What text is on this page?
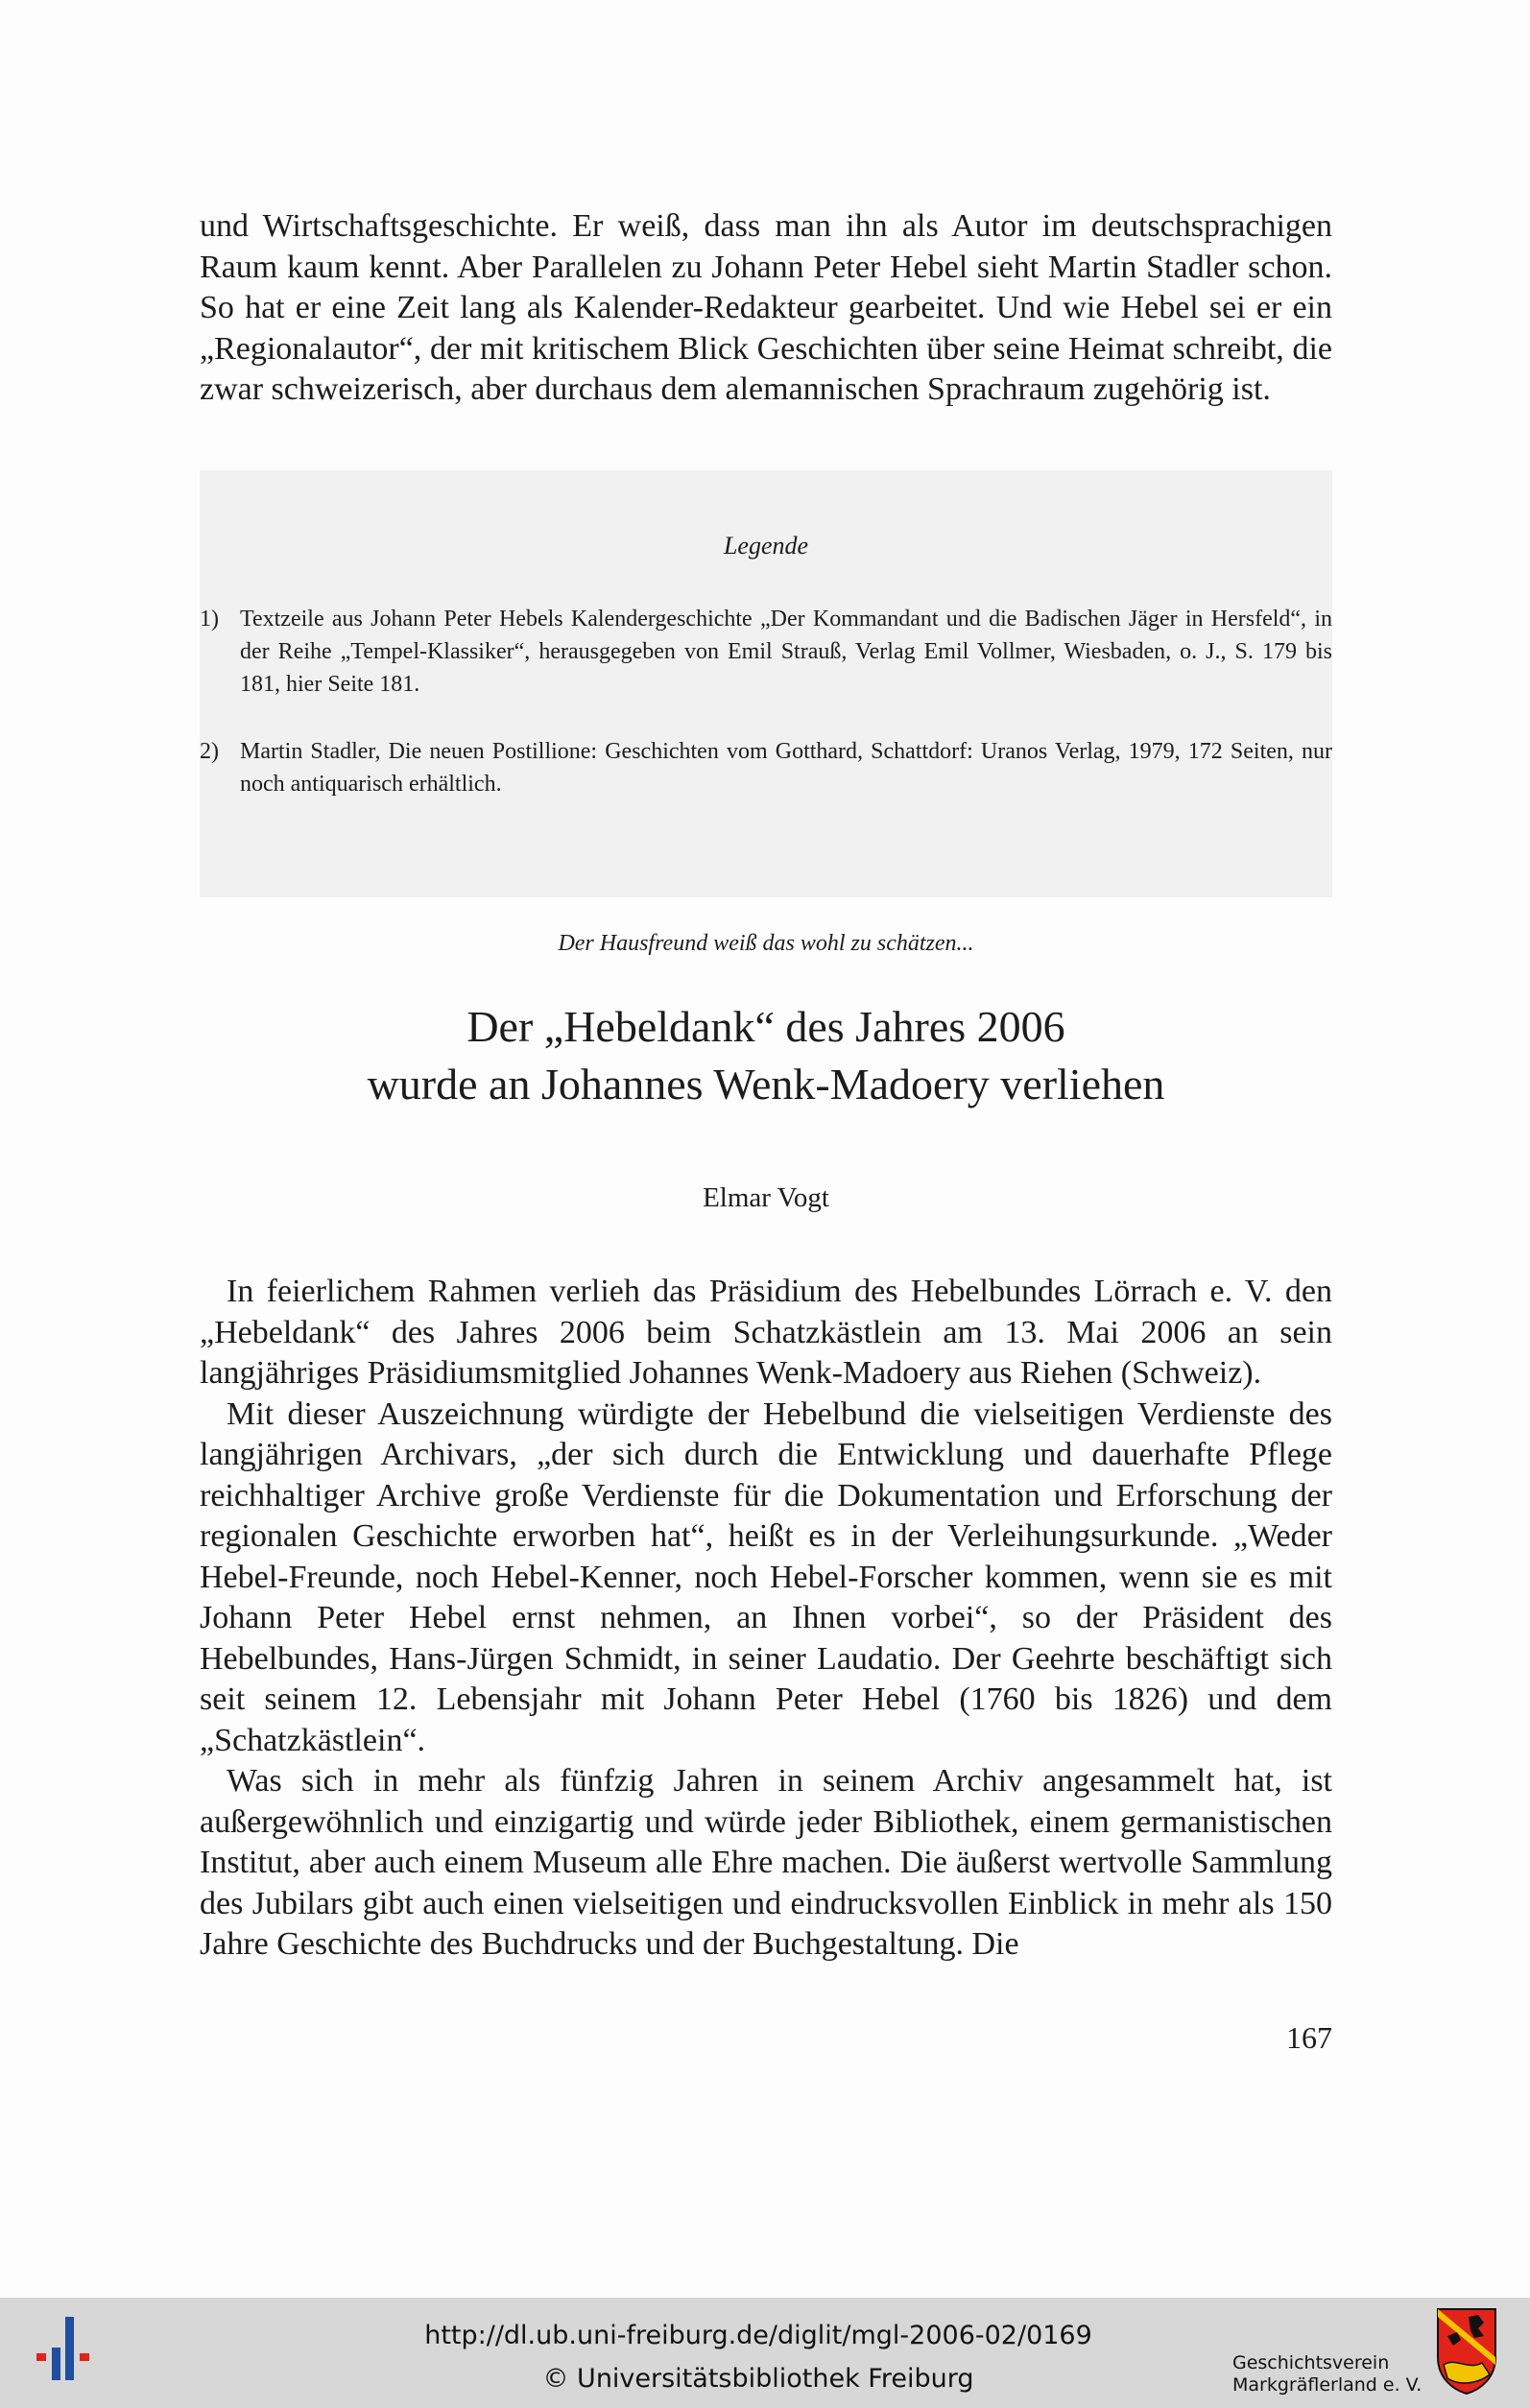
und Wirtschaftsgeschichte. Er weiß, dass man ihn als Autor im deutschsprachigen Raum kaum kennt. Aber Parallelen zu Johann Peter Hebel sieht Martin Stadler schon. So hat er eine Zeit lang als Kalender-Redakteur gearbeitet. Und wie Hebel sei er ein „Regionalautor“, der mit kritischem Blick Geschichten über seine Heimat schreibt, die zwar schweizerisch, aber durchaus dem alemannischen Sprachraum zugehörig ist.

Legende
1) Textzeile aus Johann Peter Hebels Kalendergeschichte „Der Kommandant und die Badischen Jäger in Hersfeld“, in der Reihe „Tempel-Klassiker“, herausgegeben von Emil Strauß, Verlag Emil Vollmer, Wiesbaden, o. J., S. 179 bis 181, hier Seite 181.
2) Martin Stadler, Die neuen Postillione: Geschichten vom Gotthard, Schattdorf: Uranos Verlag, 1979, 172 Seiten, nur noch antiquarisch erhältlich.
Der Hausfreund weiß das wohl zu schätzen...
Der „Hebeldank“ des Jahres 2006
wurde an Johannes Wenk-Madoery verliehen
Elmar Vogt

In feierlichem Rahmen verlieh das Präsidium des Hebelbundes Lörrach e. V. den „Hebeldank“ des Jahres 2006 beim Schatzkästlein am 13. Mai 2006 an sein langjähriges Präsidiumsmitglied Johannes Wenk-Madoery aus Riehen (Schweiz).

Mit dieser Auszeichnung würdigte der Hebelbund die vielseitigen Verdienste des langjährigen Archivars, „der sich durch die Entwicklung und dauerhafte Pflege reichhaltiger Archive große Verdienste für die Dokumentation und Erforschung der regionalen Geschichte erworben hat“, heißt es in der Verleihungsurkunde. „Weder Hebel-Freunde, noch Hebel-Kenner, noch Hebel-Forscher kommen, wenn sie es mit Johann Peter Hebel ernst nehmen, an Ihnen vorbei“, so der Präsident des Hebelbundes, Hans-Jürgen Schmidt, in seiner Laudatio. Der Geehrte beschäftigt sich seit seinem 12. Lebensjahr mit Johann Peter Hebel (1760 bis 1826) und dem „Schatzkästlein“.

Was sich in mehr als fünfzig Jahren in seinem Archiv angesammelt hat, ist außergewöhnlich und einzigartig und würde jeder Bibliothek, einem germanistischen Institut, aber auch einem Museum alle Ehre machen. Die äußerst wertvolle Sammlung des Jubilars gibt auch einen vielseitigen und eindrucksvollen Einblick in mehr als 150 Jahre Geschichte des Buchdrucks und der Buchgestaltung. Die

167
http://dl.ub.uni-freiburg.de/diglit/mgl-2006-02/0169
© Universitätsbibliothek Freiburg
Geschichtsverein
Markgräflerland e. V.
